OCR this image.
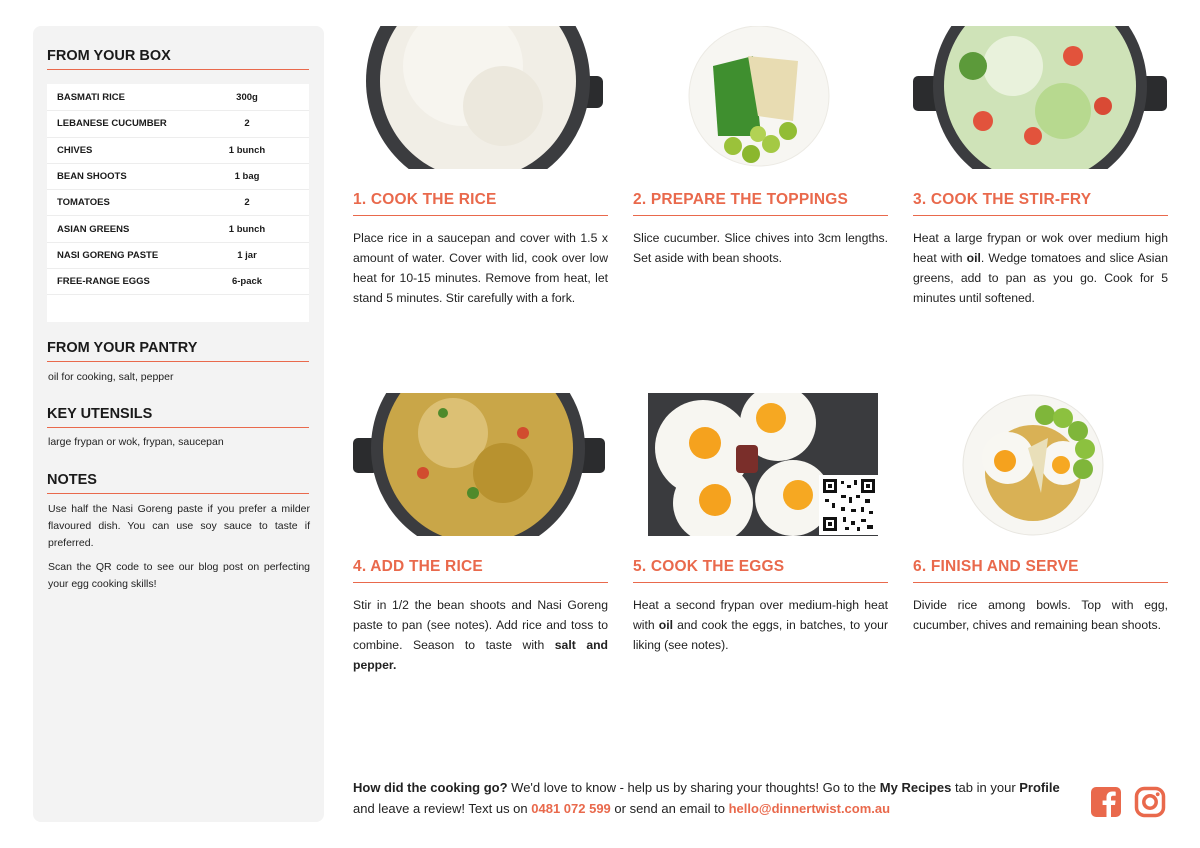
FROM YOUR BOX
BASMATI RICE	300g
LEBANESE CUCUMBER	2
CHIVES	1 bunch
BEAN SHOOTS	1 bag
TOMATOES	2
ASIAN GREENS	1 bunch
NASI GORENG PASTE	1 jar
FREE-RANGE EGGS	6-pack
FROM YOUR PANTRY
oil for cooking, salt, pepper
KEY UTENSILS
large frypan or wok, frypan, saucepan
NOTES
Use half the Nasi Goreng paste if you prefer a milder flavoured dish. You can use soy sauce to taste if preferred.
Scan the QR code to see our blog post on perfecting your egg cooking skills!
1. COOK THE RICE
Place rice in a saucepan and cover with 1.5 x amount of water. Cover with lid, cook over low heat for 10-15 minutes. Remove from heat, let stand 5 minutes. Stir carefully with a fork.
2. PREPARE THE TOPPINGS
Slice cucumber. Slice chives into 3cm lengths. Set aside with bean shoots.
3. COOK THE STIR-FRY
Heat a large frypan or wok over medium high heat with oil. Wedge tomatoes and slice Asian greens, add to pan as you go. Cook for 5 minutes until softened.
4. ADD THE RICE
Stir in 1/2 the bean shoots and Nasi Goreng paste to pan (see notes). Add rice and toss to combine. Season to taste with salt and pepper.
5. COOK THE EGGS
Heat a second frypan over medium-high heat with oil and cook the eggs, in batches, to your liking (see notes).
6. FINISH AND SERVE
Divide rice among bowls. Top with egg, cucumber, chives and remaining bean shoots.
How did the cooking go? We'd love to know - help us by sharing your thoughts! Go to the My Recipes tab in your Profile and leave a review! Text us on 0481 072 599 or send an email to hello@dinnertwist.com.au
